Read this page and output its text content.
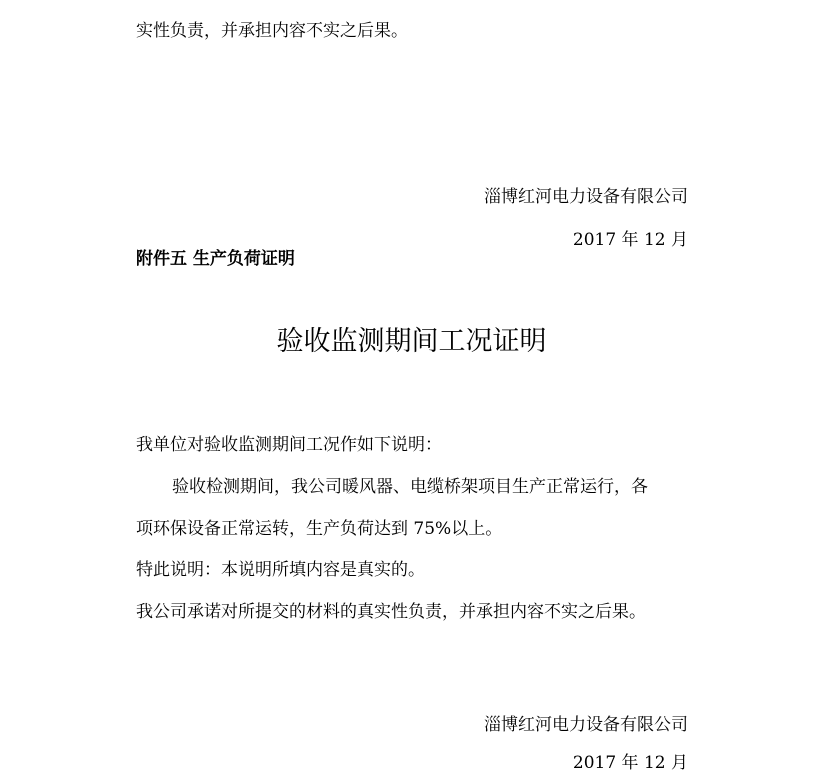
实性负责，并承担内容不实之后果。
淄博红河电力设备有限公司
2017 年 12 月
附件五 生产负荷证明
验收监测期间工况证明
我单位对验收监测期间工况作如下说明：
验收检测期间，我公司暖风器、电缆桥架项目生产正常运行，各
项环保设备正常运转，生产负荷达到 75%以上。
特此说明：本说明所填内容是真实的。
我公司承诺对所提交的材料的真实性负责，并承担内容不实之后果。
淄博红河电力设备有限公司
2017 年 12 月
